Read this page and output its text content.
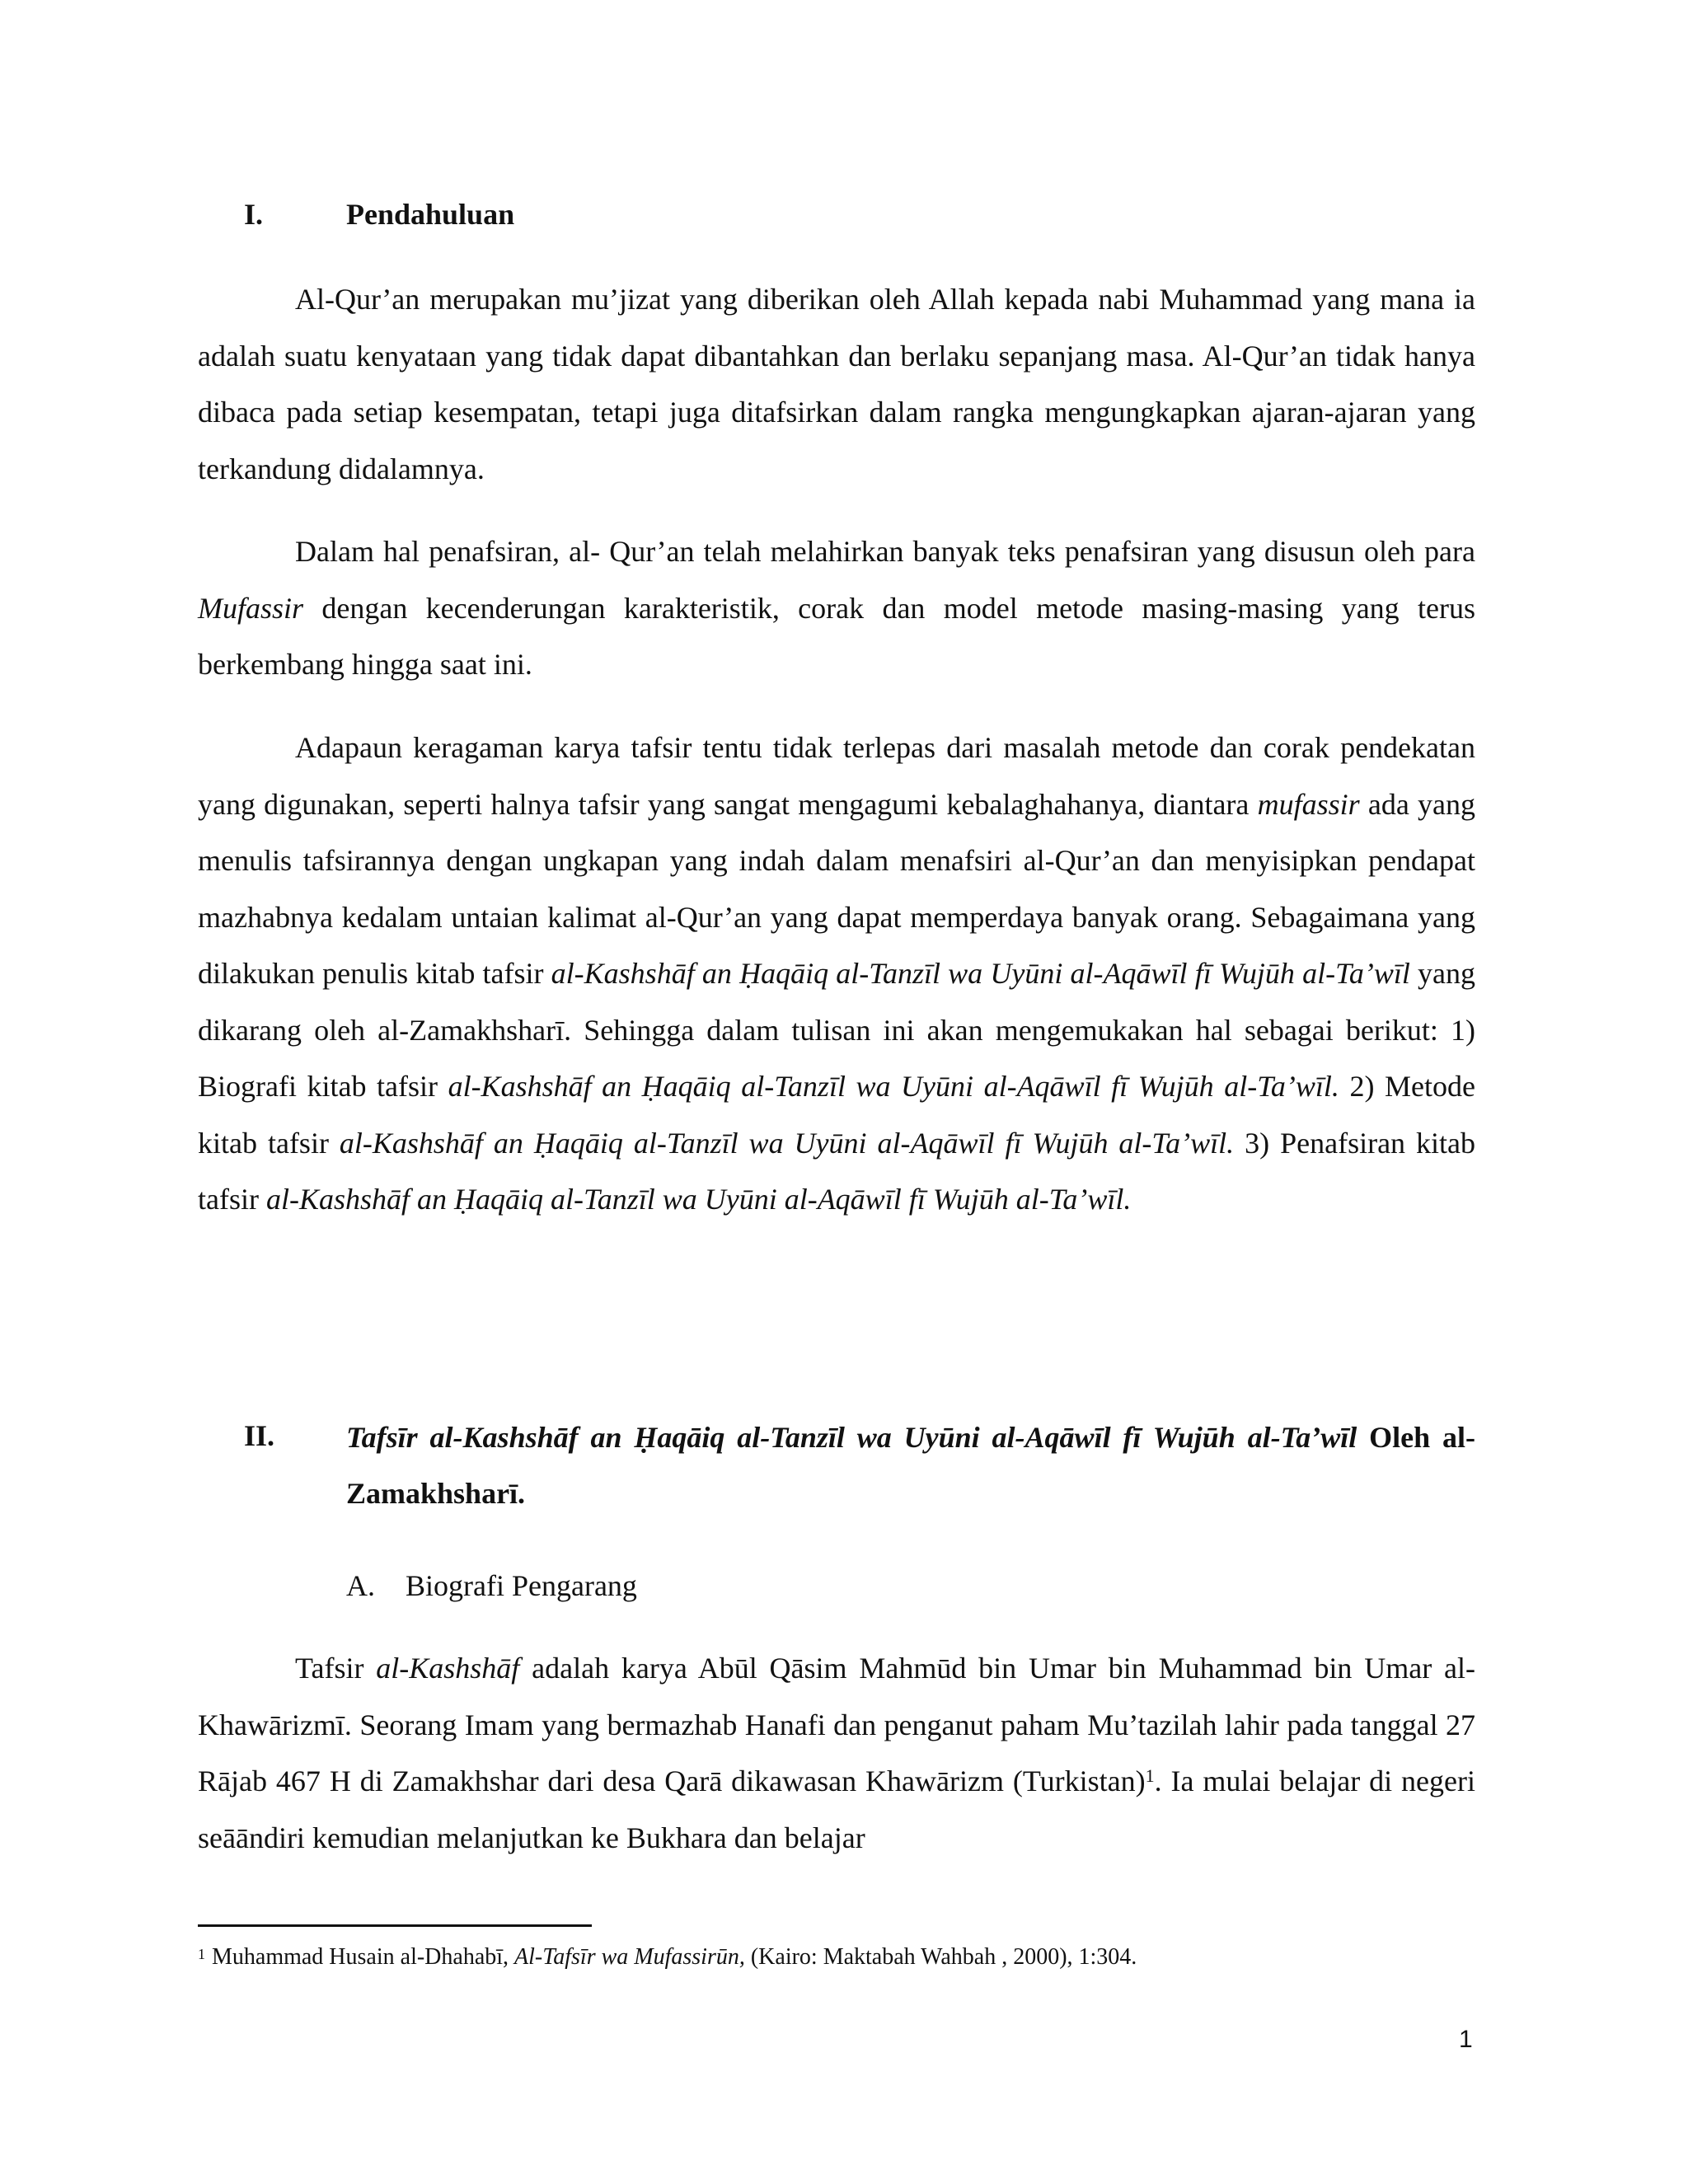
I.	Pendahuluan

Al-Qur’an merupakan mu’jizat yang diberikan oleh Allah kepada nabi Muhammad yang mana ia adalah suatu kenyataan yang tidak dapat dibantahkan dan berlaku sepanjang masa. Al-Qur’an tidak hanya dibaca pada setiap kesempatan, tetapi juga ditafsirkan dalam rangka mengungkapkan ajaran-ajaran yang terkandung didalamnya.

Dalam hal penafsiran, al- Qur’an telah melahirkan banyak teks penafsiran yang disusun oleh para Mufassir dengan kecenderungan karakteristik, corak dan model metode masing-masing yang terus berkembang hingga saat ini.

Adapaun keragaman karya tafsir tentu tidak terlepas dari masalah metode dan corak pendekatan yang digunakan, seperti halnya tafsir yang sangat mengagumi kebalaghahanya, diantara mufassir ada yang menulis tafsirannya dengan ungkapan yang indah dalam menafsiri al-Qur’an dan menyisipkan pendapat mazhabnya kedalam untaian kalimat al-Qur’an yang dapat memperdaya banyak orang. Sebagaimana yang dilakukan penulis kitab tafsir al-Kashshāf an Ḥaqāiq al-Tanzīl wa Uyūni al-Aqāwīl fī Wujūh al-Ta’wīl yang dikarang oleh al-Zamakhsharī. Sehingga dalam tulisan ini akan mengemukakan hal sebagai berikut: 1) Biografi kitab tafsir al-Kashshāf an Ḥaqāiq al-Tanzīl wa Uyūni al-Aqāwīl fī Wujūh al-Ta’wīl. 2) Metode kitab tafsir al-Kashshāf an Ḥaqāiq al-Tanzīl wa Uyūni al-Aqāwīl fī Wujūh al-Ta’wīl. 3) Penafsiran kitab tafsir al-Kashshāf an Ḥaqāiq al-Tanzīl wa Uyūni al-Aqāwīl fī Wujūh al-Ta’wīl.

II. Tafsīr al-Kashshāf an Ḥaqāiq al-Tanzīl wa Uyūni al-Aqāwīl fī Wujūh al-Ta’wīl Oleh al-Zamakhsharī.

A. Biografi Pengarang

Tafsir al-Kashshāf adalah karya Abūl Qāsim Mahmūd bin Umar bin Muhammad bin Umar al-Khawārizmī. Seorang Imam yang bermazhab Hanafi dan penganut paham Mu’tazilah lahir pada tanggal 27 Rājab 467 H di Zamakhshar dari desa Qarā dikawasan Khawārizm (Turkistan)$^1$. Ia mulai belajar di negeri seāāndiri kemudian melanjutkan ke Bukhara dan belajar

$^1$ Muhammad Husain al-Dhahabī, Al-Tafsīr wa Mufassirūn, (Kairo: Maktabah Wahbah , 2000), 1:304.
1
